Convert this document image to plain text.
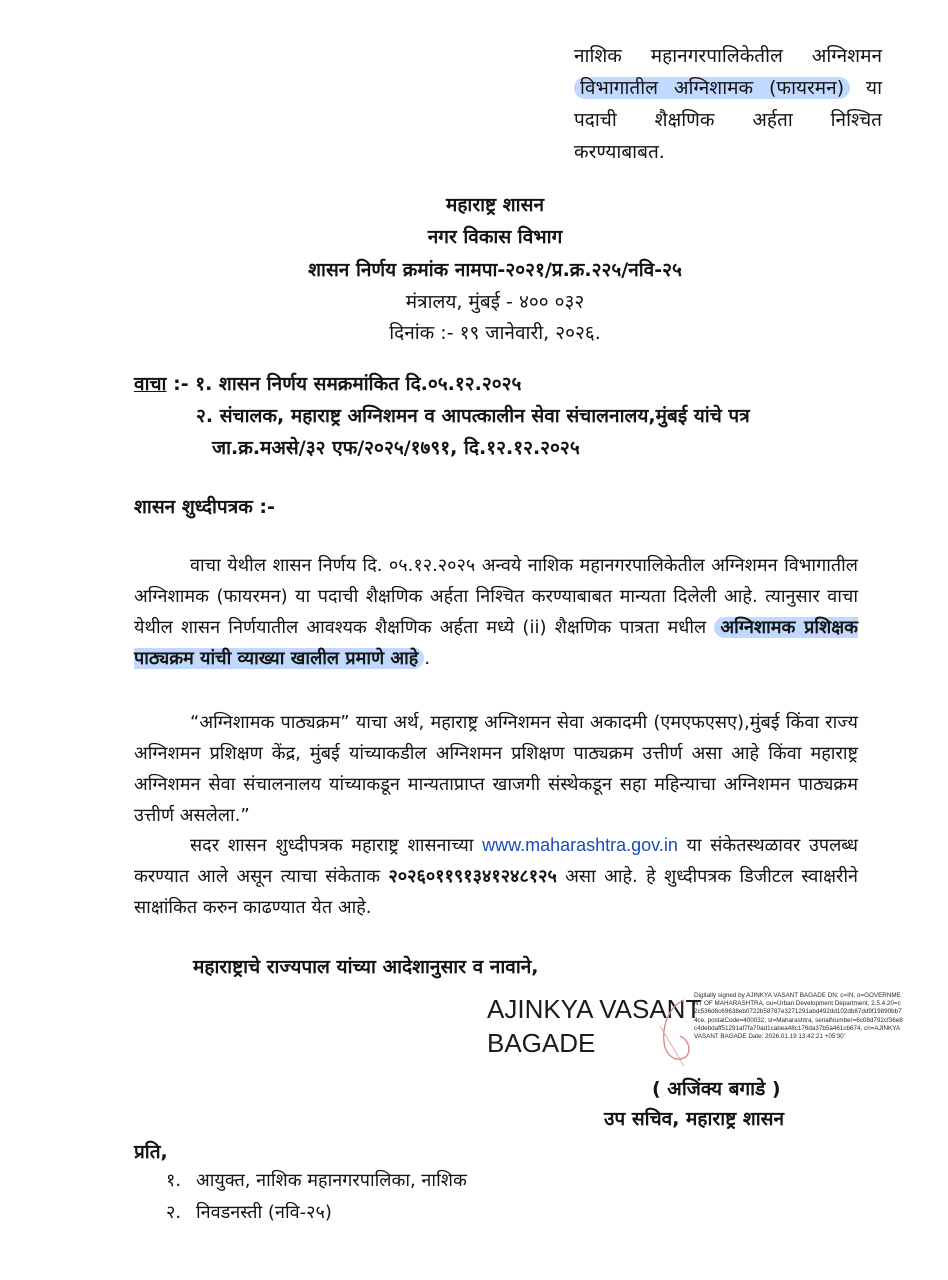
नाशिक महानगरपालिकेतील अग्निशमन विभागातील अग्निशामक (फायरमन) या पदाची शैक्षणिक अर्हता निश्चित करण्याबाबत.
महाराष्ट्र शासन
नगर विकास विभाग
शासन निर्णय क्रमांक नामपा-२०२१/प्र.क्र.२२५/नवि-२५
मंत्रालय, मुंबई - ४०० ०३२
दिनांक :- १९ जानेवारी, २०२६.
वाचा :- १. शासन निर्णय समक्रमांकित दि.०५.१२.२०२५
२. संचालक, महाराष्ट्र अग्निशमन व आपत्कालीन सेवा संचालनालय,मुंबई यांचे पत्र
जा.क्र.मअसे/३२ एफ/२०२५/१७९१, दि.१२.१२.२०२५
शासन शुध्दीपत्रक :-
वाचा येथील शासन निर्णय दि. ०५.१२.२०२५ अन्वये नाशिक महानगरपालिकेतील अग्निशमन विभागातील अग्निशामक (फायरमन) या पदाची शैक्षणिक अर्हता निश्चित करण्याबाबत मान्यता दिलेली आहे. त्यानुसार वाचा येथील शासन निर्णयातील आवश्यक शैक्षणिक अर्हता मध्ये (ii) शैक्षणिक पात्रता मधील अग्निशामक प्रशिक्षक पाठ्यक्रम यांची व्याख्या खालील प्रमाणे आहे .
“अग्निशामक पाठ्यक्रम” याचा अर्थ, महाराष्ट्र अग्निशमन सेवा अकादमी (एमएफएसए),मुंबई किंवा राज्य अग्निशमन प्रशिक्षण केंद्र, मुंबई यांच्याकडील अग्निशमन प्रशिक्षण पाठ्यक्रम उत्तीर्ण असा आहे किंवा महाराष्ट्र अग्निशमन सेवा संचालनालय यांच्याकडून मान्यताप्राप्त खाजगी संस्थेकडून सहा महिन्याचा अग्निशमन पाठ्यक्रम उत्तीर्ण असलेला.”
सदर शासन शुध्दीपत्रक महाराष्ट्र शासनाच्या www.maharashtra.gov.in या संकेतस्थळावर उपलब्ध करण्यात आले असून त्याचा संकेताक २०२६०११९१३४१२४८१२५ असा आहे. हे शुध्दीपत्रक डिजीटल स्वाक्षरीने साक्षांकित करुन काढण्यात येत आहे.
महाराष्ट्राचे राज्यपाल यांच्या आदेशानुसार व नावाने,
AJINKYA VASANT
BAGADE
Digitally signed by AJINKYA VASANT BAGADE DN: c=IN, o=GOVERNMENT OF MAHARASHTRA, ou=Urban Development Department, 2.5.4.20=c2c536d8c69638eb0722b58787e3271291abd492dd102db87dd9f19890bb74ce, postalCode=400032, st=Maharashtra, serialNumber=6c08d792cf36e8c4debdaff51291af7fa70ad1cabea48c176da37b5a461cb674, cn=AJINKYA VASANT BAGADE Date: 2026.01.19 13:42:21 +05'30'
( अजिंक्य बगाडे )
उप सचिव, महाराष्ट्र शासन
प्रति,
१. आयुक्त, नाशिक महानगरपालिका, नाशिक
२. निवडनस्ती (नवि-२५)
